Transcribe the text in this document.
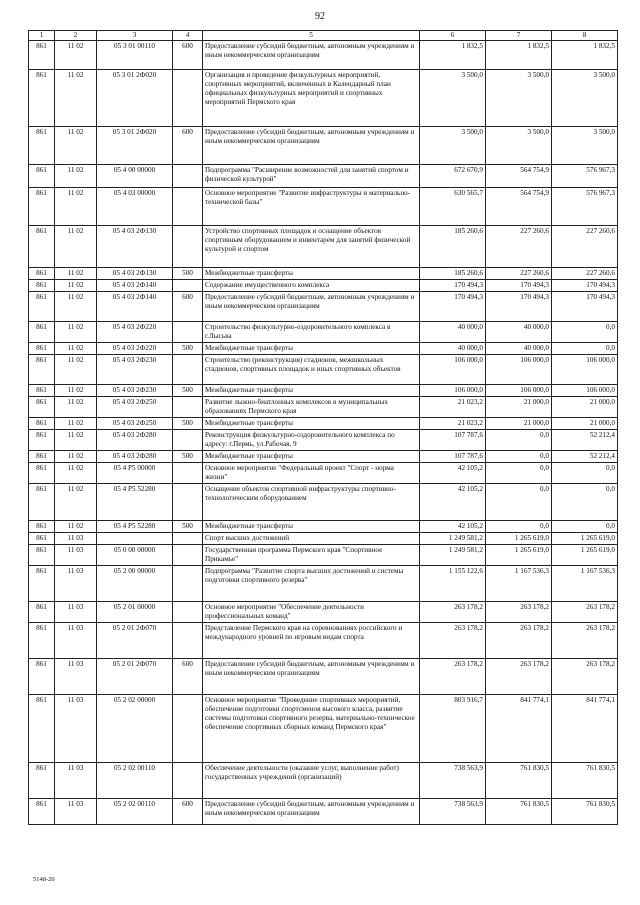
92
1	2	3	4	5	6	7	8
861	11 02	05 3 01 00110	600	Предоставление субсидий бюджетным, автономным учреждениям и иным некоммерческим организациям	1 832,5	1 832,5	1 832,5
861	11 02	05 3 01 2Ф020		Организация и проведение физкультурных мероприятий, спортивных мероприятий, включенных в Календарный план официальных физкультурных мероприятий и спортивных мероприятий Пермского края	3 500,0	3 500,0	3 500,0
861	11 02	05 3 01 2Ф020	600	Предоставление субсидий бюджетным, автономным учреждениям и иным некоммерческим организациям	3 500,0	3 500,0	3 500,0
861	11 02	05 4 00 00000		Подпрограмма "Расширение возможностей для занятий спортом и физической культурой"	672 670,9	564 754,9	576 967,3
861	11 02	05 4 03 00000		Основное мероприятие "Развитие инфраструктуры и материально-технической базы"	630 565,7	564 754,9	576 967,3
861	11 02	05 4 03 2Ф130		Устройство спортивных площадок и оснащение объектов спортивным оборудованием и инвентарем для занятий физической культурой и спортом	185 260,6	227 260,6	227 260,6
861	11 02	05 4 03 2Ф130	500	Межбюджетные трансферты	185 260,6	227 260,6	227 260,6
861	11 02	05 4 03 2Ф140		Содержание имущественного комплекса	170 494,3	170 494,3	170 494,3
861	11 02	05 4 03 2Ф140	600	Предоставление субсидий бюджетным, автономным учреждениям и иным некоммерческим организациям	170 494,3	170 494,3	170 494,3
861	11 02	05 4 03 2Ф220		Строительство физкультурно-оздоровительного комплекса в г.Лысьва	40 000,0	40 000,0	0,0
861	11 02	05 4 03 2Ф220	500	Межбюджетные трансферты	40 000,0	40 000,0	0,0
861	11 02	05 4 03 2Ф230		Строительство (реконструкция) стадионов, межшкольных стадионов, спортивных площадок и иных спортивных объектов	106 000,0	106 000,0	106 000,0
861	11 02	05 4 03 2Ф230	500	Межбюджетные трансферты	106 000,0	106 000,0	106 000,0
861	11 02	05 4 03 2Ф250		Развитие лыжно-биатлонных комплексов в муниципальных образованиях Пермского края	21 023,2	21 000,0	21 000,0
861	11 02	05 4 03 2Ф250	500	Межбюджетные трансферты	21 023,2	21 000,0	21 000,0
861	11 02	05 4 03 2Ф280		Реконструкция физкультурно-оздоровительного комплекса по адресу: г.Пермь, ул.Рабочая, 9	107 787,6	0,0	52 212,4
861	11 02	05 4 03 2Ф280	500	Межбюджетные трансферты	107 787,6	0,0	52 212,4
861	11 02	05 4 P5 00000		Основное мероприятие "Федеральный проект "Спорт - норма жизни"	42 105,2	0,0	0,0
861	11 02	05 4 P5 52280		Оснащение объектов спортивной инфраструктуры спортивно-технологическим оборудованием	42 105,2	0,0	0,0
861	11 02	05 4 P5 52280	500	Межбюджетные трансферты	42 105,2	0,0	0,0
861	11 03			Спорт высших достижений	1 249 581,2	1 265 619,0	1 265 619,0
861	11 03	05 0 00 00000		Государственная программа Пермского края "Спортивное Прикамье"	1 249 581,2	1 265 619,0	1 265 619,0
861	11 03	05 2 00 00000		Подпрограмма "Развитие спорта высших достижений и системы подготовки спортивного резерва"	1 155 122,6	1 167 536,3	1 167 536,3
861	11 03	05 2 01 00000		Основное мероприятие "Обеспечение деятельности профессиональных команд"	263 178,2	263 178,2	263 178,2
861	11 03	05 2 01 2Ф070		Представление Пермского края на соревнованиях российского и международного уровней по игровым видам спорта	263 178,2	263 178,2	263 178,2
861	11 03	05 2 01 2Ф070	600	Предоставление субсидий бюджетным, автономным учреждениям и иным некоммерческим организациям	263 178,2	263 178,2	263 178,2
861	11 03	05 2 02 00000		Основное мероприятие "Проведение спортивных мероприятий, обеспечение подготовки спортсменов высокого класса, развитие системы подготовки спортивного резерва, материально-техническое обеспечение спортивных сборных команд Пермского края"	803 916,7	841 774,1	841 774,1
861	11 03	05 2 02 00110		Обеспечение деятельности (оказание услуг, выполнение работ) государственных учреждений (организаций)	738 563,9	761 830,5	761 830,5
861	11 03	05 2 02 00110	600	Предоставление субсидий бюджетным, автономным учреждениям и иным некоммерческим организациям	738 563,9	761 830,5	761 830,5
5148-20
